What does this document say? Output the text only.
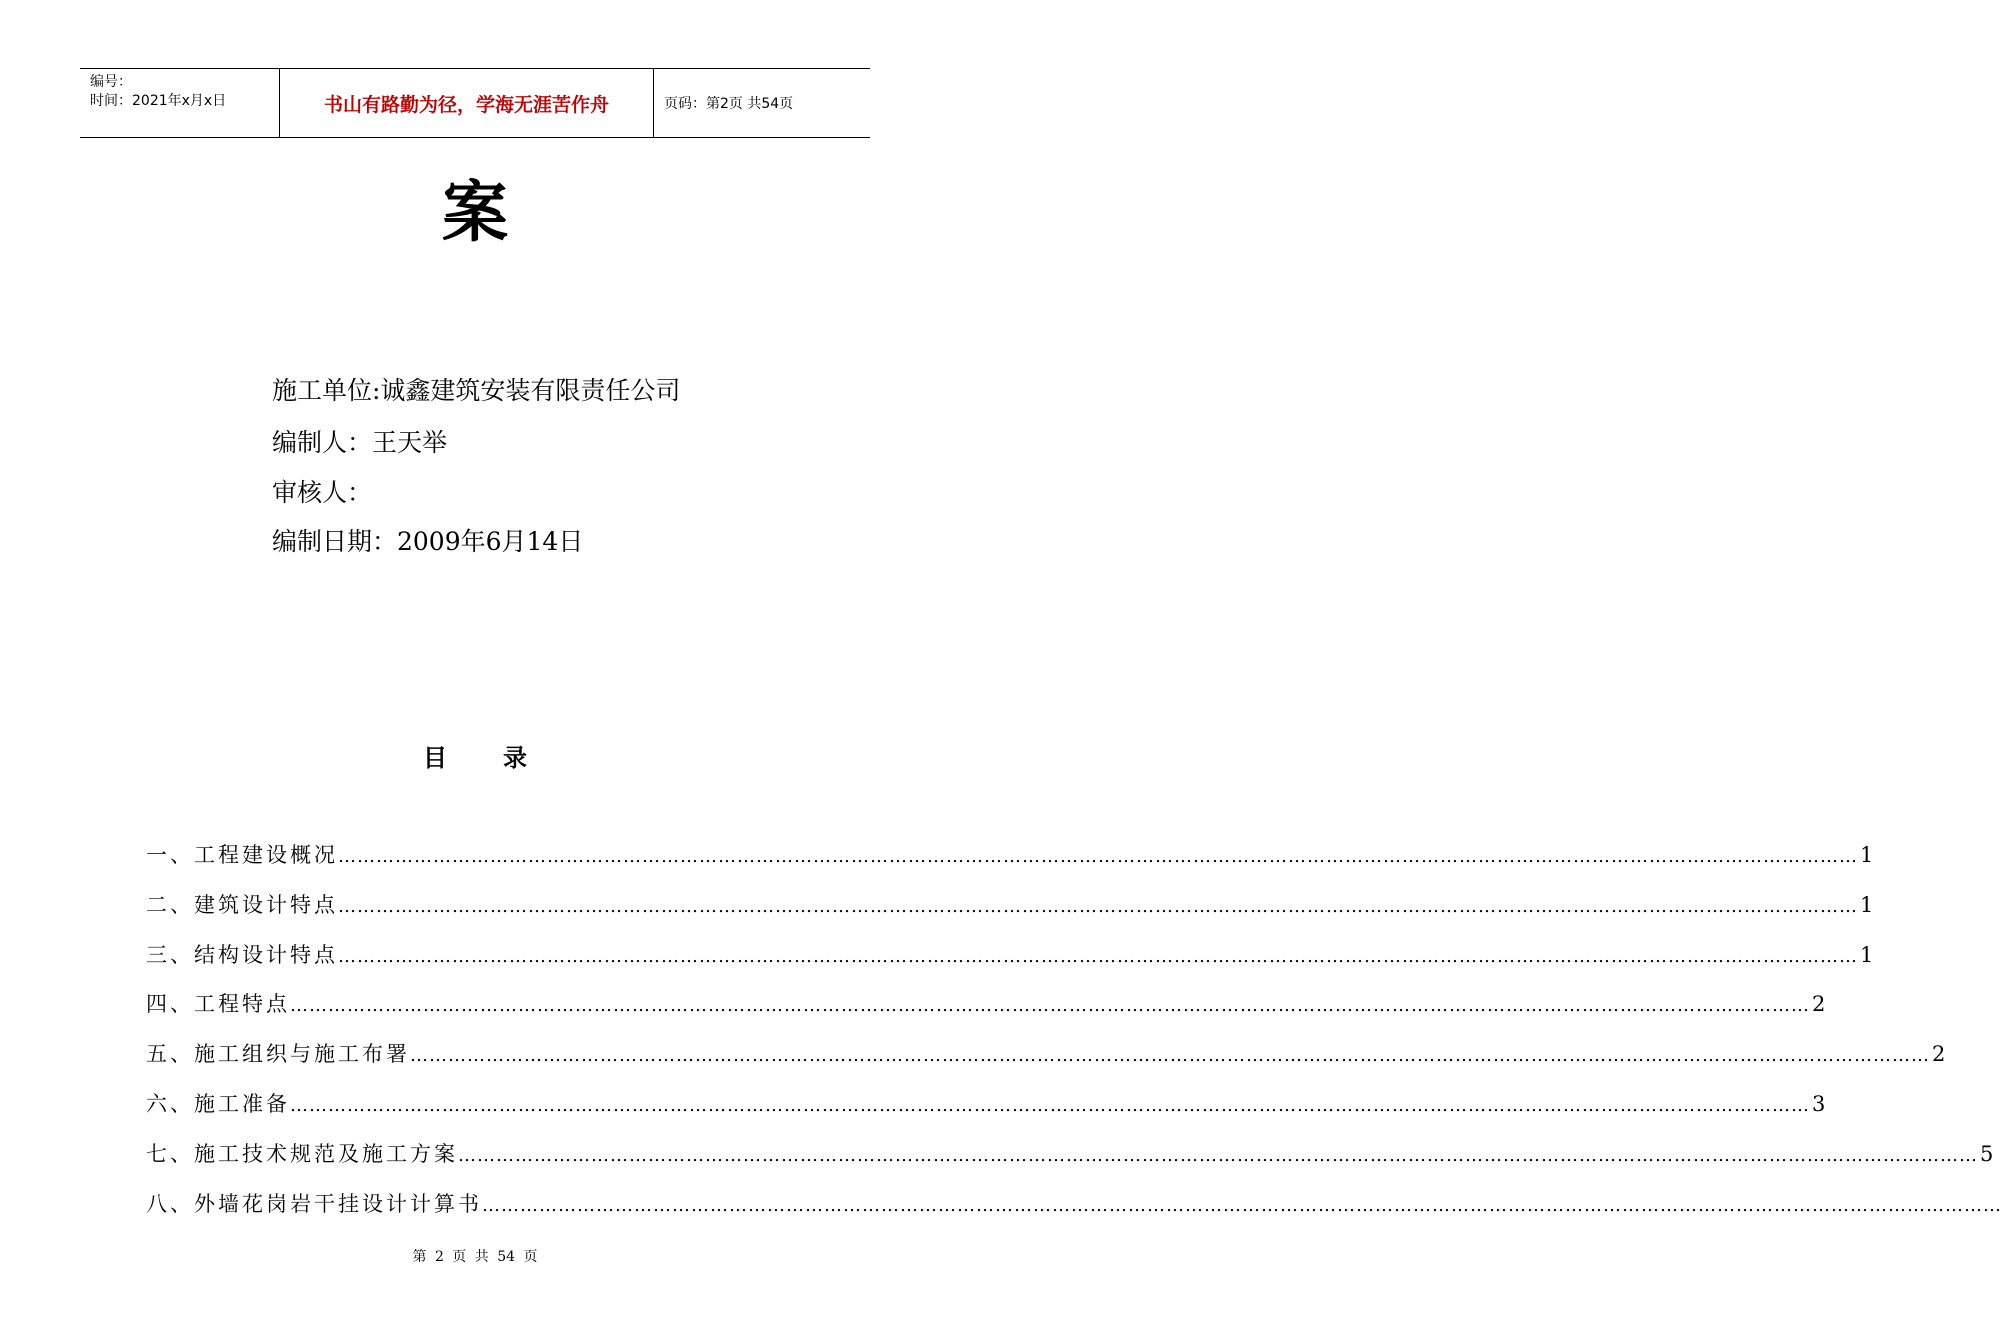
编号：
时间：2021年x月x日	书山有路勤为径，学海无涯苦作舟	页码：第2页 共54页
案
施工单位:诚鑫建筑安装有限责任公司
编制人：王天举
审核人：
编制日期：2009年6月14日
目录
一、工程建设概况 …………………………………………………………………………………………………………………………………………………………………………………………………………………… 1
二、建筑设计特点 …………………………………………………………………………………………………………………………………………………………………………………………………………………… 1
三、结构设计特点 …………………………………………………………………………………………………………………………………………………………………………………………………………………… 1
四、工程特点 …………………………………………………………………………………………………………………………………………………………………………………………………………………… 2
五、施工组织与施工布署 …………………………………………………………………………………………………………………………………………………………………………………………………………………… 2
六、施工准备 …………………………………………………………………………………………………………………………………………………………………………………………………………………… 3
七、施工技术规范及施工方案 …………………………………………………………………………………………………………………………………………………………………………………………………………………… 5
八、外墙花岗岩干挂设计计算书 ……………………………………………………………………………………………………………………………………………………………………………………………………………………
第 2 页 共 54 页
